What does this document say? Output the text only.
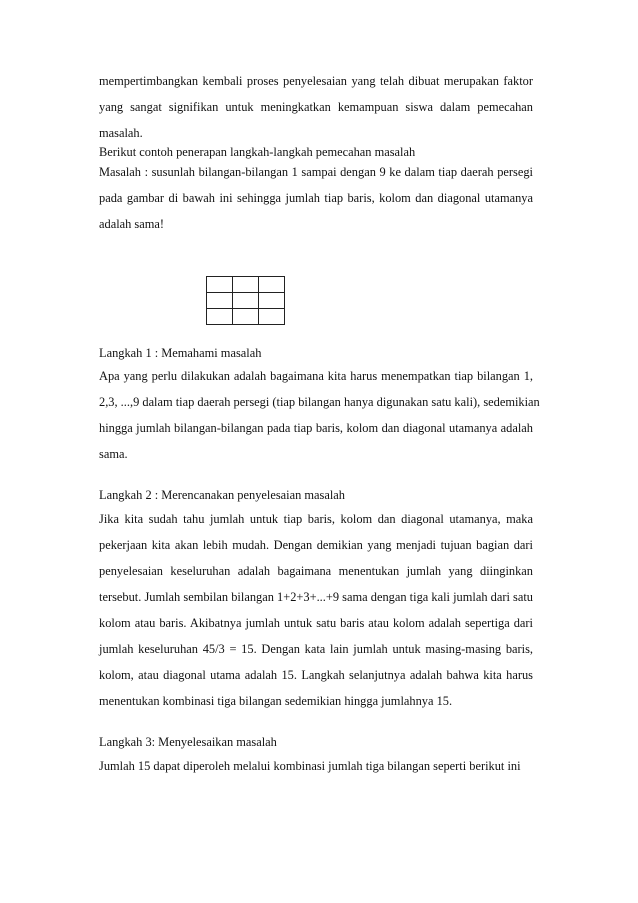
mempertimbangkan kembali proses penyelesaian yang telah dibuat merupakan faktor
yang sangat signifikan untuk meningkatkan kemampuan siswa dalam pemecahan
masalah.
Berikut contoh penerapan langkah-langkah pemecahan masalah
Masalah : susunlah bilangan-bilangan 1 sampai dengan 9 ke dalam tiap daerah persegi
pada gambar di bawah ini sehingga jumlah tiap baris, kolom dan diagonal utamanya
adalah sama!

Langkah 1 : Memahami masalah
Apa yang perlu dilakukan adalah bagaimana kita harus menempatkan tiap bilangan 1,
2,3, ...,9 dalam tiap daerah persegi (tiap bilangan hanya digunakan satu kali), sedemikian
hingga jumlah bilangan-bilangan pada tiap baris, kolom dan diagonal utamanya adalah
sama.
Langkah 2 : Merencanakan penyelesaian masalah
Jika kita sudah tahu jumlah untuk tiap baris, kolom dan diagonal utamanya, maka
pekerjaan kita akan lebih mudah. Dengan demikian yang menjadi tujuan bagian dari
penyelesaian keseluruhan adalah bagaimana menentukan jumlah yang diinginkan
tersebut. Jumlah sembilan bilangan 1+2+3+...+9 sama dengan tiga kali jumlah dari satu
kolom atau baris. Akibatnya jumlah untuk satu baris atau kolom adalah sepertiga dari
jumlah keseluruhan 45/3 = 15. Dengan kata lain jumlah untuk masing-masing baris,
kolom, atau diagonal utama adalah 15. Langkah selanjutnya adalah bahwa kita harus
menentukan kombinasi tiga bilangan sedemikian hingga jumlahnya 15.
Langkah 3: Menyelesaikan masalah
Jumlah 15 dapat diperoleh melalui kombinasi jumlah tiga bilangan seperti berikut ini
